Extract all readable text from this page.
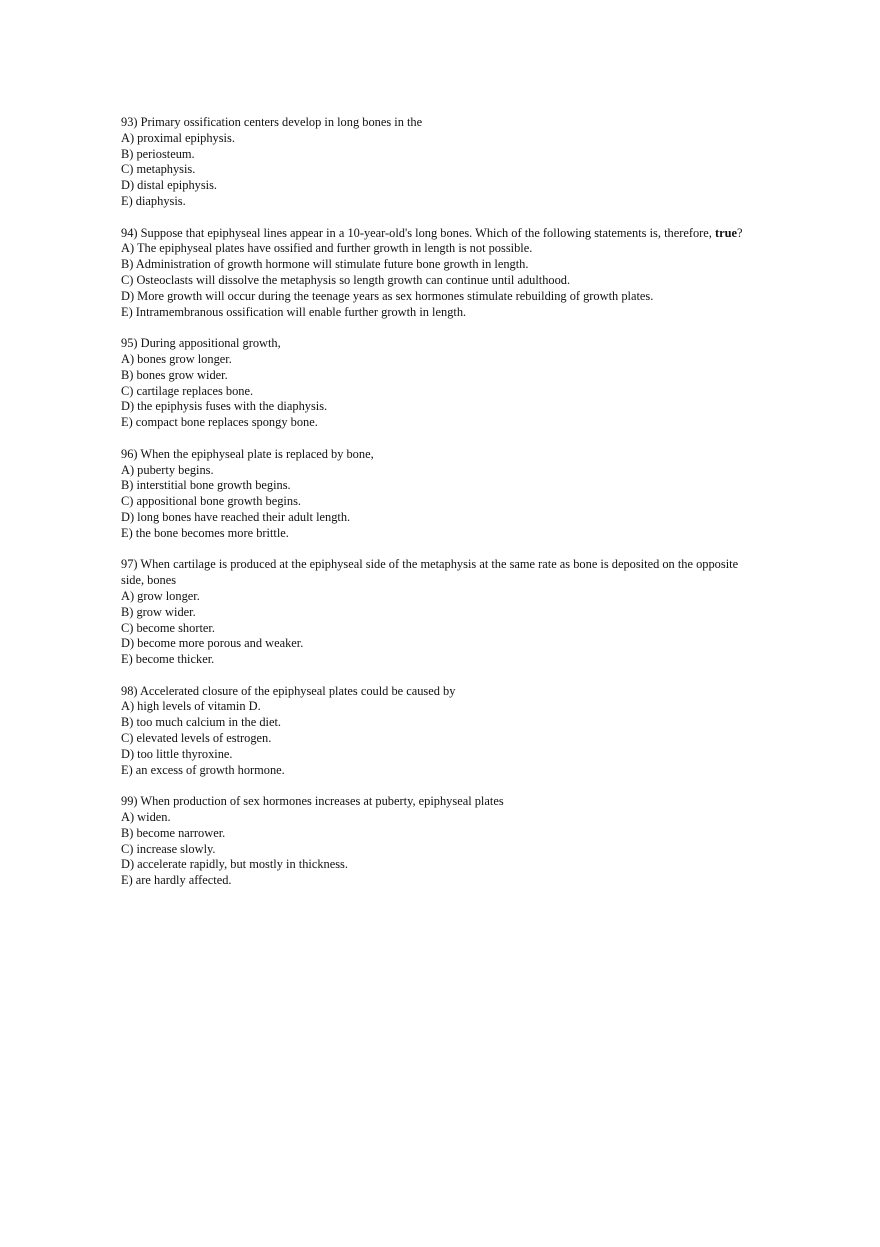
93) Primary ossification centers develop in long bones in the
A) proximal epiphysis.
B) periosteum.
C) metaphysis.
D) distal epiphysis.
E) diaphysis.
94) Suppose that epiphyseal lines appear in a 10-year-old's long bones. Which of the following statements is, therefore, true?
A) The epiphyseal plates have ossified and further growth in length is not possible.
B) Administration of growth hormone will stimulate future bone growth in length.
C) Osteoclasts will dissolve the metaphysis so length growth can continue until adulthood.
D) More growth will occur during the teenage years as sex hormones stimulate rebuilding of growth plates.
E) Intramembranous ossification will enable further growth in length.
95) During appositional growth,
A) bones grow longer.
B) bones grow wider.
C) cartilage replaces bone.
D) the epiphysis fuses with the diaphysis.
E) compact bone replaces spongy bone.
96) When the epiphyseal plate is replaced by bone,
A) puberty begins.
B) interstitial bone growth begins.
C) appositional bone growth begins.
D) long bones have reached their adult length.
E) the bone becomes more brittle.
97) When cartilage is produced at the epiphyseal side of the metaphysis at the same rate as bone is deposited on the opposite side, bones
A) grow longer.
B) grow wider.
C) become shorter.
D) become more porous and weaker.
E) become thicker.
98) Accelerated closure of the epiphyseal plates could be caused by
A) high levels of vitamin D.
B) too much calcium in the diet.
C) elevated levels of estrogen.
D) too little thyroxine.
E) an excess of growth hormone.
99) When production of sex hormones increases at puberty, epiphyseal plates
A) widen.
B) become narrower.
C) increase slowly.
D) accelerate rapidly, but mostly in thickness.
E) are hardly affected.
